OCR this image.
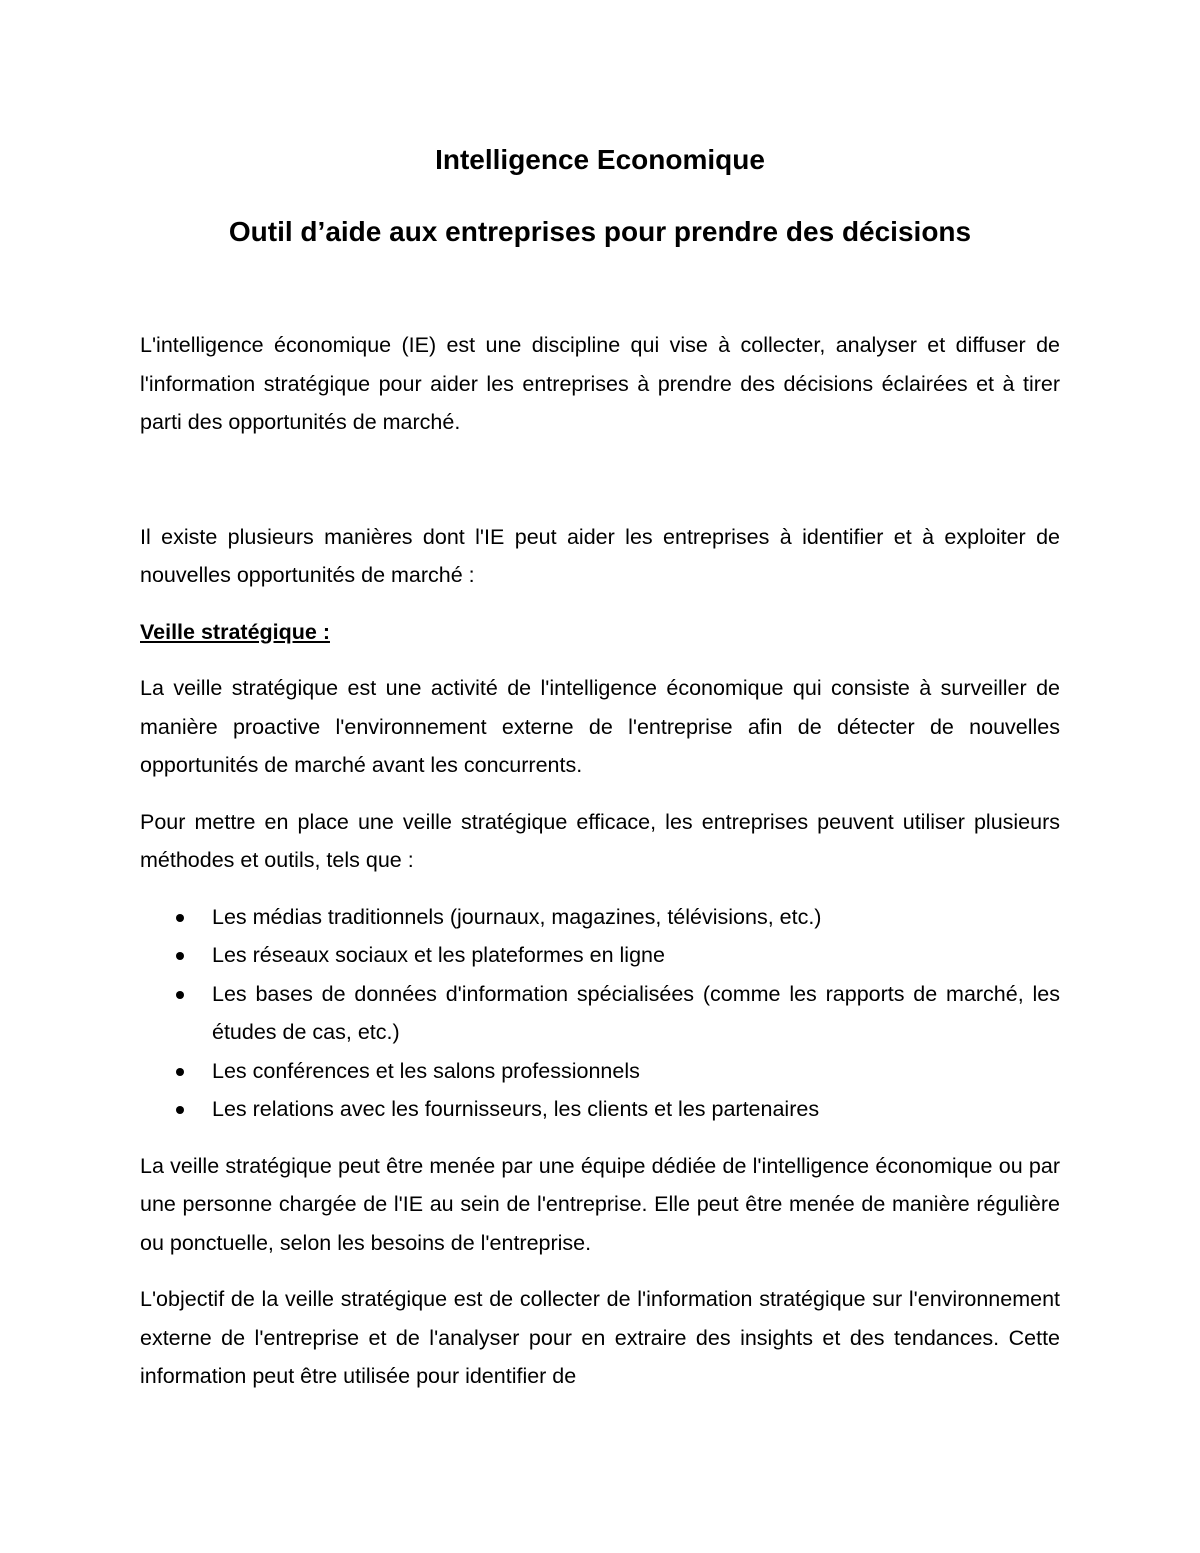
Intelligence Economique
Outil d’aide aux entreprises pour prendre des décisions

L'intelligence économique (IE) est une discipline qui vise à collecter, analyser et diffuser de l'information stratégique pour aider les entreprises à prendre des décisions éclairées et à tirer parti des opportunités de marché.

Il existe plusieurs manières dont l'IE peut aider les entreprises à identifier et à exploiter de nouvelles opportunités de marché :

Veille stratégique :

La veille stratégique est une activité de l'intelligence économique qui consiste à surveiller de manière proactive l'environnement externe de l'entreprise afin de détecter de nouvelles opportunités de marché avant les concurrents.

Pour mettre en place une veille stratégique efficace, les entreprises peuvent utiliser plusieurs méthodes et outils, tels que :

Les médias traditionnels (journaux, magazines, télévisions, etc.)
Les réseaux sociaux et les plateformes en ligne
Les bases de données d'information spécialisées (comme les rapports de marché, les études de cas, etc.)
Les conférences et les salons professionnels
Les relations avec les fournisseurs, les clients et les partenaires

La veille stratégique peut être menée par une équipe dédiée de l'intelligence économique ou par une personne chargée de l'IE au sein de l'entreprise. Elle peut être menée de manière régulière ou ponctuelle, selon les besoins de l'entreprise.

L'objectif de la veille stratégique est de collecter de l'information stratégique sur l'environnement externe de l'entreprise et de l'analyser pour en extraire des insights et des tendances. Cette information peut être utilisée pour identifier de
